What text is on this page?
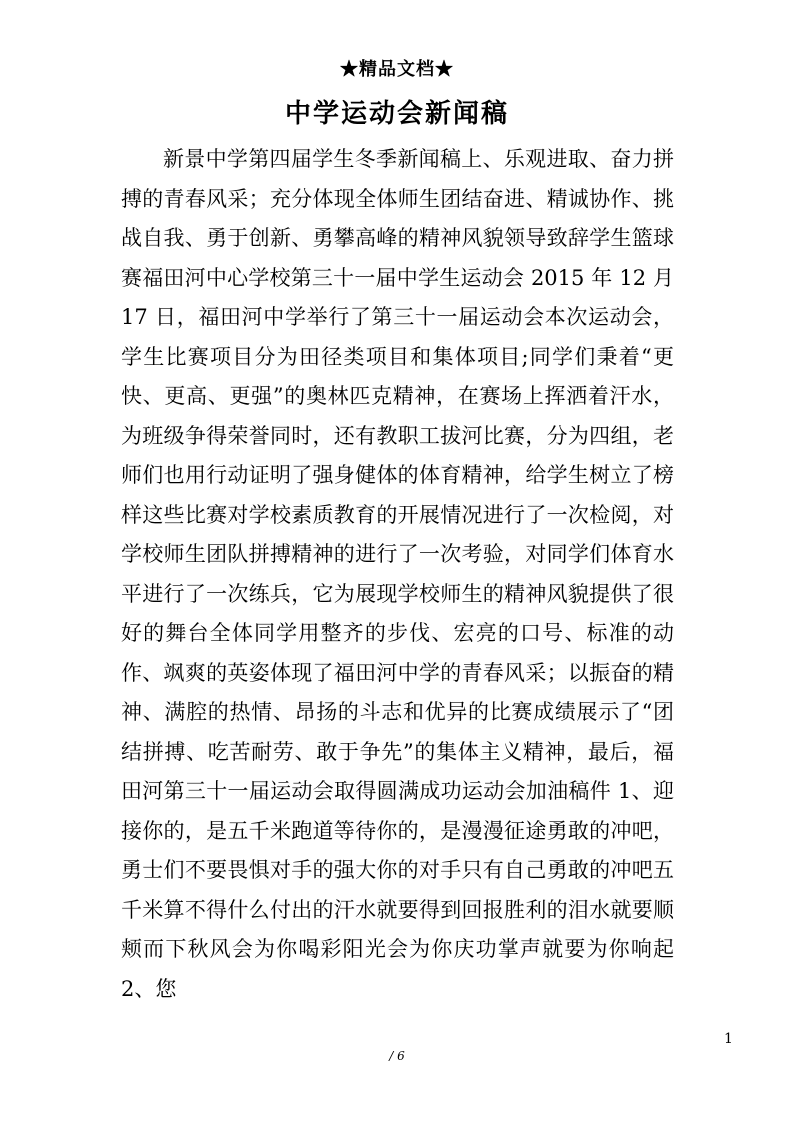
★精品文档★
中学运动会新闻稿

新景中学第四届学生冬季新闻稿上、乐观进取、奋力拼搏的青春风采；充分体现全体师生团结奋进、精诚协作、挑战自我、勇于创新、勇攀高峰的精神风貌领导致辞学生篮球赛福田河中心学校第三十一届中学生运动会 2015 年 12 月 17 日，福田河中学举行了第三十一届运动会本次运动会，学生比赛项目分为田径类项目和集体项目;同学们秉着“更快、更高、更强”的奥林匹克精神，在赛场上挥洒着汗水，为班级争得荣誉同时，还有教职工拔河比赛，分为四组，老师们也用行动证明了强身健体的体育精神，给学生树立了榜样这些比赛对学校素质教育的开展情况进行了一次检阅，对学校师生团队拼搏精神的进行了一次考验，对同学们体育水平进行了一次练兵，它为展现学校师生的精神风貌提供了很好的舞台全体同学用整齐的步伐、宏亮的口号、标准的动作、飒爽的英姿体现了福田河中学的青春风采；以振奋的精神、满腔的热情、昂扬的斗志和优异的比赛成绩展示了“团结拼搏、吃苦耐劳、敢于争先”的集体主义精神，最后，福田河第三十一届运动会取得圆满成功运动会加油稿件 1、迎接你的，是五千米跑道等待你的，是漫漫征途勇敢的冲吧，勇士们不要畏惧对手的强大你的对手只有自己勇敢的冲吧五千米算不得什么付出的汗水就要得到回报胜利的泪水就要顺颊而下秋风会为你喝彩阳光会为你庆功掌声就要为你响起 2、您

1
/ 6
